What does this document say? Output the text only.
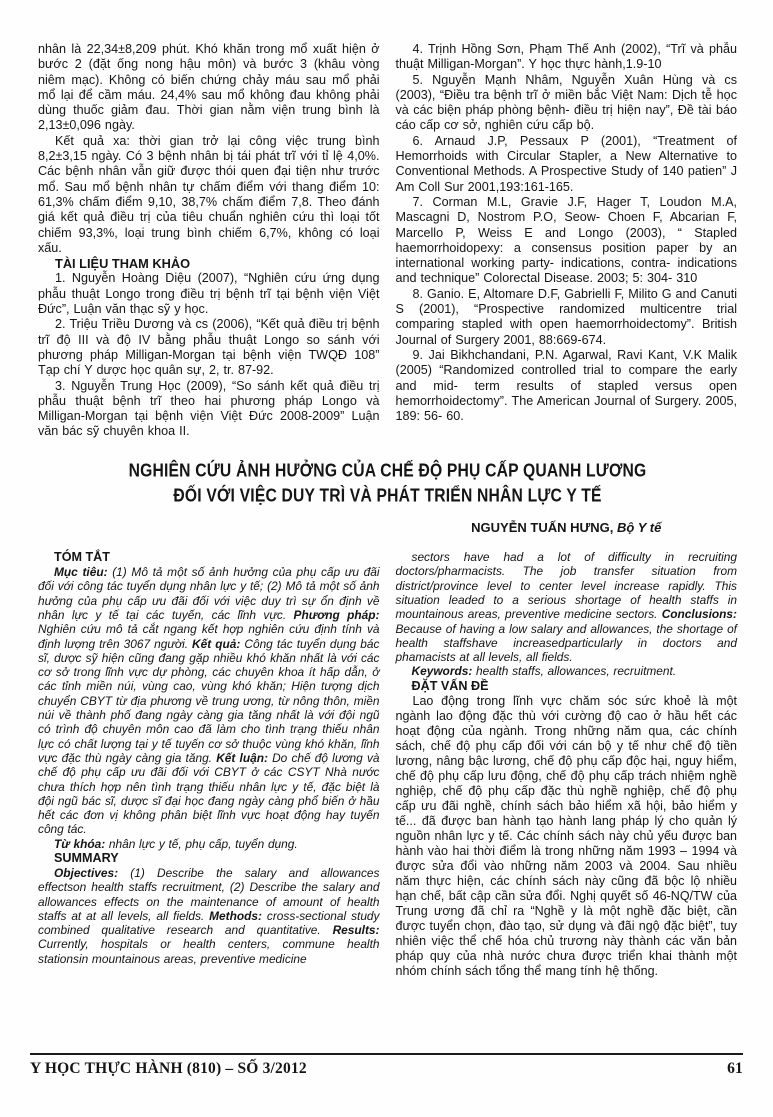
nhân là 22,34±8,209 phút. Khó khăn trong mổ xuất hiện ở bước 2 (đặt ống nong hậu môn) và bước 3 (khâu vòng niêm mạc). Không có biến chứng chảy máu sau mổ phải mổ lại để cầm máu. 24,4% sau mổ không đau không phải dùng thuốc giảm đau. Thời gian nằm viện trung bình là 2,13±0,096 ngày.

Kết quả xa: thời gian trở lại công việc trung bình 8,2±3,15 ngày. Có 3 bệnh nhân bị tái phát trĩ với tỉ lệ 4,0%. Các bệnh nhân vẫn giữ được thói quen đại tiện như trước mổ. Sau mổ bệnh nhân tự chấm điểm với thang điểm 10: 61,3% chấm điểm 9,10, 38,7% chấm điểm 7,8. Theo đánh giá kết quả điều trị của tiêu chuẩn nghiên cứu thì loại tốt chiếm 93,3%, loại trung bình chiếm 6,7%, không có loại xấu.

TÀI LIỆU THAM KHẢO

1. Nguyễn Hoàng Diệu (2007), “Nghiên cứu ứng dụng phẫu thuật Longo trong điều trị bệnh trĩ tại bệnh viện Việt Đức”, Luận văn thạc sỹ y học.

2. Triệu Triều Dương và cs (2006), “Kết quả điều trị bệnh trĩ độ III và độ IV bằng phẫu thuật Longo so sánh với phương pháp Milligan-Morgan tại bệnh viện TWQĐ 108” Tạp chí Y dược học quân sự, 2, tr. 87-92.

3. Nguyễn Trung Học (2009), “So sánh kết quả điều trị phẫu thuật bệnh trĩ theo hai phương pháp Longo và Milligan-Morgan tại bệnh viện Việt Đức 2008-2009” Luận văn bác sỹ chuyên khoa II.

4. Trịnh Hồng Sơn, Phạm Thế Anh (2002), “Trĩ và phẫu thuật Milligan-Morgan”. Y học thực hành,1.9-10

5. Nguyễn Mạnh Nhâm, Nguyễn Xuân Hùng và cs (2003), “Điều tra bệnh trĩ ở miền bắc Việt Nam: Dịch tễ học và các biện pháp phòng bệnh- điều trị hiện nay”, Đề tài báo cáo cấp cơ sở, nghiên cứu cấp bộ.

6. Arnaud J.P, Pessaux P (2001), “Treatment of Hemorrhoids with Circular Stapler, a New Alternative to Conventional Methods. A Prospective Study of 140 patien” J Am Coll Sur 2001,193:161-165.

7. Corman M.L, Gravie J.F, Hager T, Loudon M.A, Mascagni D, Nostrom P.O, Seow- Choen F, Abcarian F, Marcello P, Weiss E and Longo (2003), “ Stapled haemorrhoidopexy: a consensus position paper by an international working party- indications, contra- indications and technique” Colorectal Disease. 2003; 5: 304- 310

8. Ganio. E, Altomare D.F, Gabrielli F, Milito G and Canuti S (2001), “Prospective randomized multicentre trial comparing stapled with open haemorrhoidectomy”. British Journal of Surgery 2001, 88:669-674.

9. Jai Bikhchandani, P.N. Agarwal, Ravi Kant, V.K Malik (2005) “Randomized controlled trial to compare the early and mid- term results of stapled versus open hemorrhoidectomy”. The American Journal of Surgery. 2005, 189: 56- 60.

NGHIÊN CỨU ẢNH HƯỞNG CỦA CHẾ ĐỘ PHỤ CẤP QUANH LƯƠNG
ĐỐI VỚI VIỆC DUY TRÌ VÀ PHÁT TRIỂN NHÂN LỰC Y TẾ
NGUYỄN TUẤN HƯNG, Bộ Y tế
TÓM TẮT

Mục tiêu: (1) Mô tả một số ảnh hưởng của phụ cấp ưu đãi đối với công tác tuyển dụng nhân lực y tế; (2) Mô tả một số ảnh hưởng của phụ cấp ưu đãi đối với việc duy trì sự ổn định về nhân lực y tế tại các tuyến, các lĩnh vực. Phương pháp: Nghiên cứu mô tả cắt ngang kết hợp nghiên cứu định tính và định lượng trên 3067 người. Kết quả: Công tác tuyển dụng bác sĩ, dược sỹ hiện cũng đang gặp nhiều khó khăn nhất là với các cơ sở trong lĩnh vực dự phòng, các chuyên khoa ít hấp dẫn, ở các tỉnh miền núi, vùng cao, vùng khó khăn; Hiện tượng dịch chuyển CBYT từ địa phương về trung ương, từ nông thôn, miền núi về thành phố đang ngày càng gia tăng nhất là với đội ngũ có trình độ chuyên môn cao đã làm cho tình trạng thiếu nhân lực có chất lượng tại y tế tuyến cơ sở thuộc vùng khó khăn, lĩnh vực đặc thù ngày càng gia tăng. Kết luận: Do chế độ lương và chế độ phụ cấp ưu đãi đối với CBYT ở các CSYT Nhà nước chưa thích hợp nên tình trạng thiếu nhân lực y tế, đặc biệt là đội ngũ bác sĩ, dược sĩ đại học đang ngày càng phổ biến ở hầu hết các đơn vị không phân biệt lĩnh vực hoạt động hay tuyến công tác.

Từ khóa: nhân lực y tế, phụ cấp, tuyển dụng.

SUMMARY

Objectives: (1) Describe the salary and allowances effectson health staffs recruitment, (2) Describe the salary and allowances effects on the maintenance of amount of health staffs at at all levels, all fields. Methods: cross-sectional study combined qualitative research and quantitative. Results: Currently, hospitals or health centers, commune health stationsin mountainous areas, preventive medicine

sectors have had a lot of difficulty in recruiting doctors/pharmacists. The job transfer situation from district/province level to center level increase rapidly. This situation leaded to a serious shortage of health staffs in mountainous areas, preventive medicine sectors. Conclusions: Because of having a low salary and allowances, the shortage of health staffshave increasedparticularly in doctors and phamacists at all levels, all fields.

Keywords: health staffs, allowances, recruitment.

ĐẶT VẤN ĐỀ

Lao động trong lĩnh vực chăm sóc sức khoẻ là một ngành lao động đặc thù với cường độ cao ở hầu hết các hoạt động của ngành. Trong những năm qua, các chính sách, chế độ phụ cấp đối với cán bộ y tế như chế độ tiền lương, nâng bậc lương, chế độ phụ cấp độc hại, nguy hiểm, chế độ phụ cấp lưu động, chế độ phụ cấp trách nhiệm nghề nghiệp, chế độ phụ cấp đặc thù nghề nghiệp, chế độ phụ cấp ưu đãi nghề, chính sách bảo hiểm xã hội, bảo hiểm y tế... đã được ban hành tạo hành lang pháp lý cho quản lý nguồn nhân lực y tế. Các chính sách này chủ yếu được ban hành vào hai thời điểm là trong những năm 1993 – 1994 và được sửa đổi vào những năm 2003 và 2004. Sau nhiều năm thực hiện, các chính sách này cũng đã bộc lộ nhiều hạn chế, bất cập cần sửa đổi. Nghị quyết số 46-NQ/TW của Trung ương đã chỉ ra “Nghề y là một nghề đặc biệt, cần được tuyển chọn, đào tạo, sử dụng và đãi ngộ đặc biệt”, tuy nhiên việc thể chế hóa chủ trương này thành các văn bản pháp quy của nhà nước chưa được triển khai thành một nhóm chính sách tổng thể mang tính hệ thống.

Y HỌC THỰC HÀNH (810) – SỐ 3/2012	61
